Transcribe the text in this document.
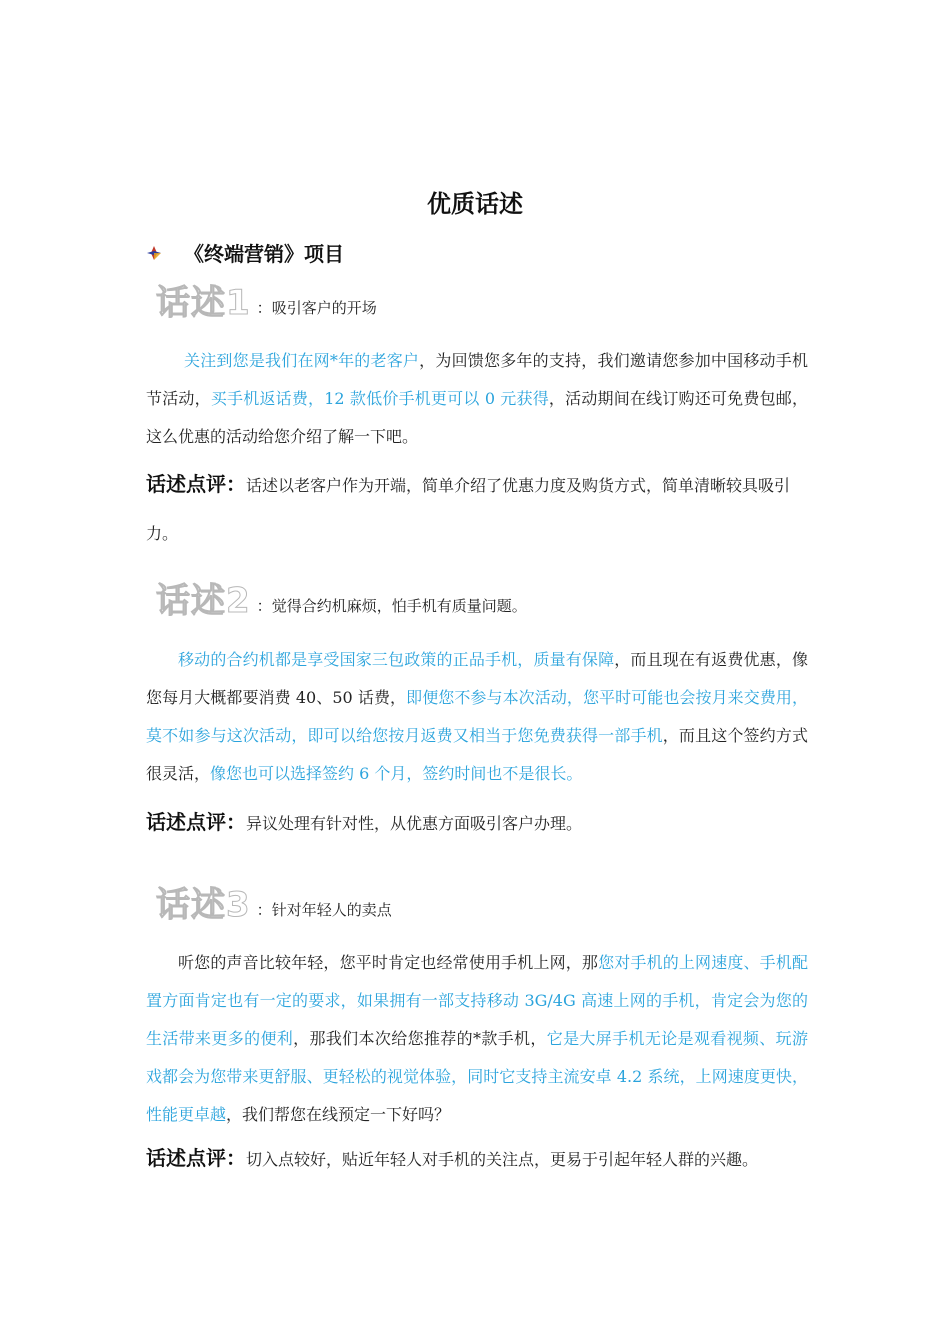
优质话述
《终端营销》项目
话述1 ： 吸引客户的开场
关注到您是我们在网*年的老客户，为回馈您多年的支持，我们邀请您参加中国移动手机节活动，买手机返话费，12 款低价手机更可以 0 元获得，活动期间在线订购还可免费包邮，这么优惠的活动给您介绍了解一下吧。
话述点评：话述以老客户作为开端，简单介绍了优惠力度及购货方式，简单清晰较具吸引力。
话述2 ： 觉得合约机麻烦，怕手机有质量问题。
移动的合约机都是享受国家三包政策的正品手机，质量有保障，而且现在有返费优惠，像您每月大概都要消费 40、50 话费，即便您不参与本次活动，您平时可能也会按月来交费用，莫不如参与这次活动，即可以给您按月返费又相当于您免费获得一部手机，而且这个签约方式很灵活，像您也可以选择签约 6 个月，签约时间也不是很长。
话述点评：异议处理有针对性，从优惠方面吸引客户办理。
话述3 ： 针对年轻人的卖点
听您的声音比较年轻，您平时肯定也经常使用手机上网，那您对手机的上网速度、手机配置方面肯定也有一定的要求，如果拥有一部支持移动 3G/4G 高速上网的手机，肯定会为您的生活带来更多的便利，那我们本次给您推荐的*款手机，它是大屏手机无论是观看视频、玩游戏都会为您带来更舒服、更轻松的视觉体验，同时它支持主流安卓 4.2 系统，上网速度更快，性能更卓越，我们帮您在线预定一下好吗？
话述点评：切入点较好，贴近年轻人对手机的关注点，更易于引起年轻人群的兴趣。
